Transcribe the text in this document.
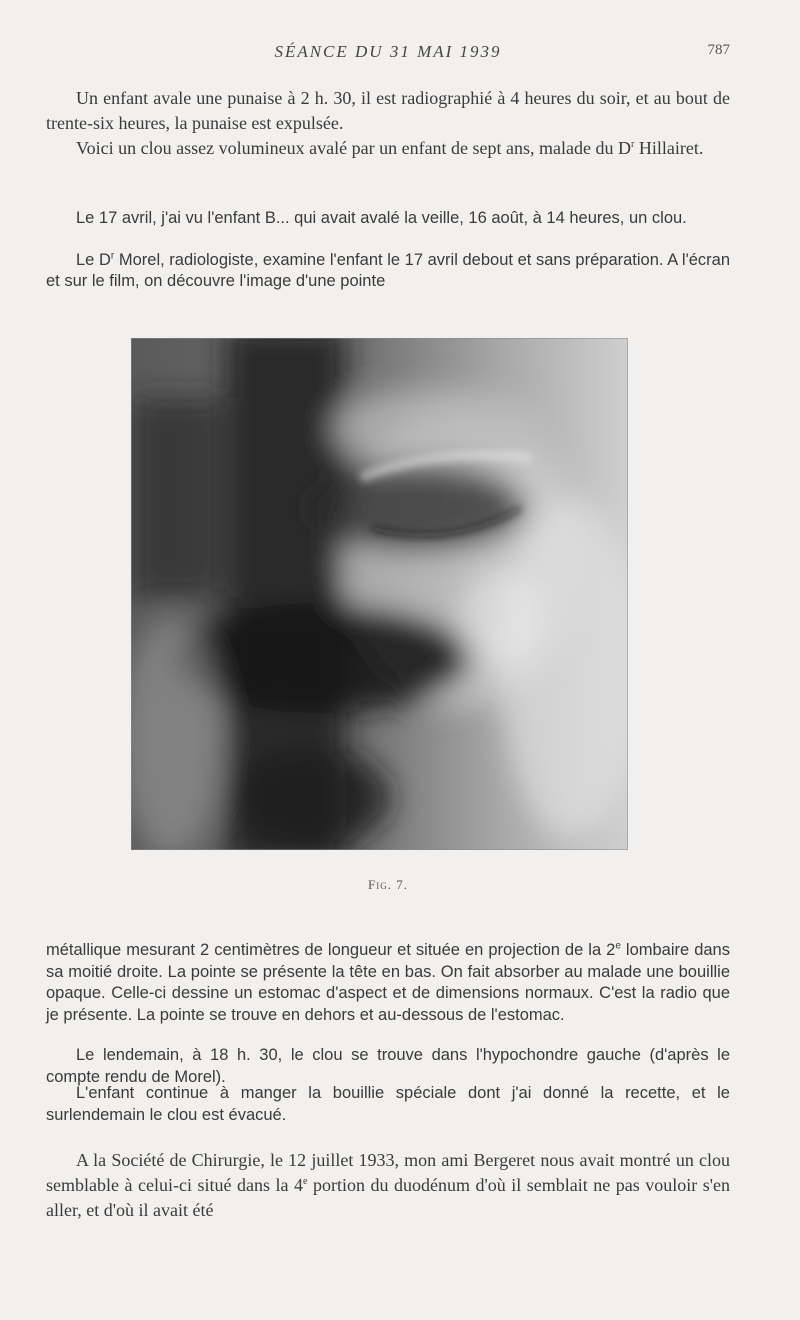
SÉANCE DU 31 MAI 1939	787

Un enfant avale une punaise à 2 h. 30, il est radiographié à 4 heures du soir, et au bout de trente-six heures, la punaise est expulsée.

Voici un clou assez volumineux avalé par un enfant de sept ans, malade du $D^r$ Hillairet.

Le 17 avril, j'ai vu l'enfant B... qui avait avalé la veille, 16 août, à 14 heures, un clou.

Le $D^r$ Morel, radiologiste, examine l'enfant le 17 avril debout et sans préparation. A l'écran et sur le film, on découvre l'image d'une pointe

Fig. 7.

métallique mesurant 2 centimètres de longueur et située en projection de la 2e lombaire dans sa moitié droite. La pointe se présente la tête en bas. On fait absorber au malade une bouillie opaque. Celle-ci dessine un estomac d'aspect et de dimensions normaux. C'est la radio que je présente. La pointe se trouve en dehors et au-dessous de l'estomac.

Le lendemain, à 18 h. 30, le clou se trouve dans l'hypochondre gauche (d'après le compte rendu de Morel).

L'enfant continue à manger la bouillie spéciale dont j'ai donné la recette, et le surlendemain le clou est évacué.

A la Société de Chirurgie, le 12 juillet 1933, mon ami Bergeret nous avait montré un clou semblable à celui-ci situé dans la 4e portion du duodénum d'où il semblait ne pas vouloir s'en aller, et d'où il avait été
